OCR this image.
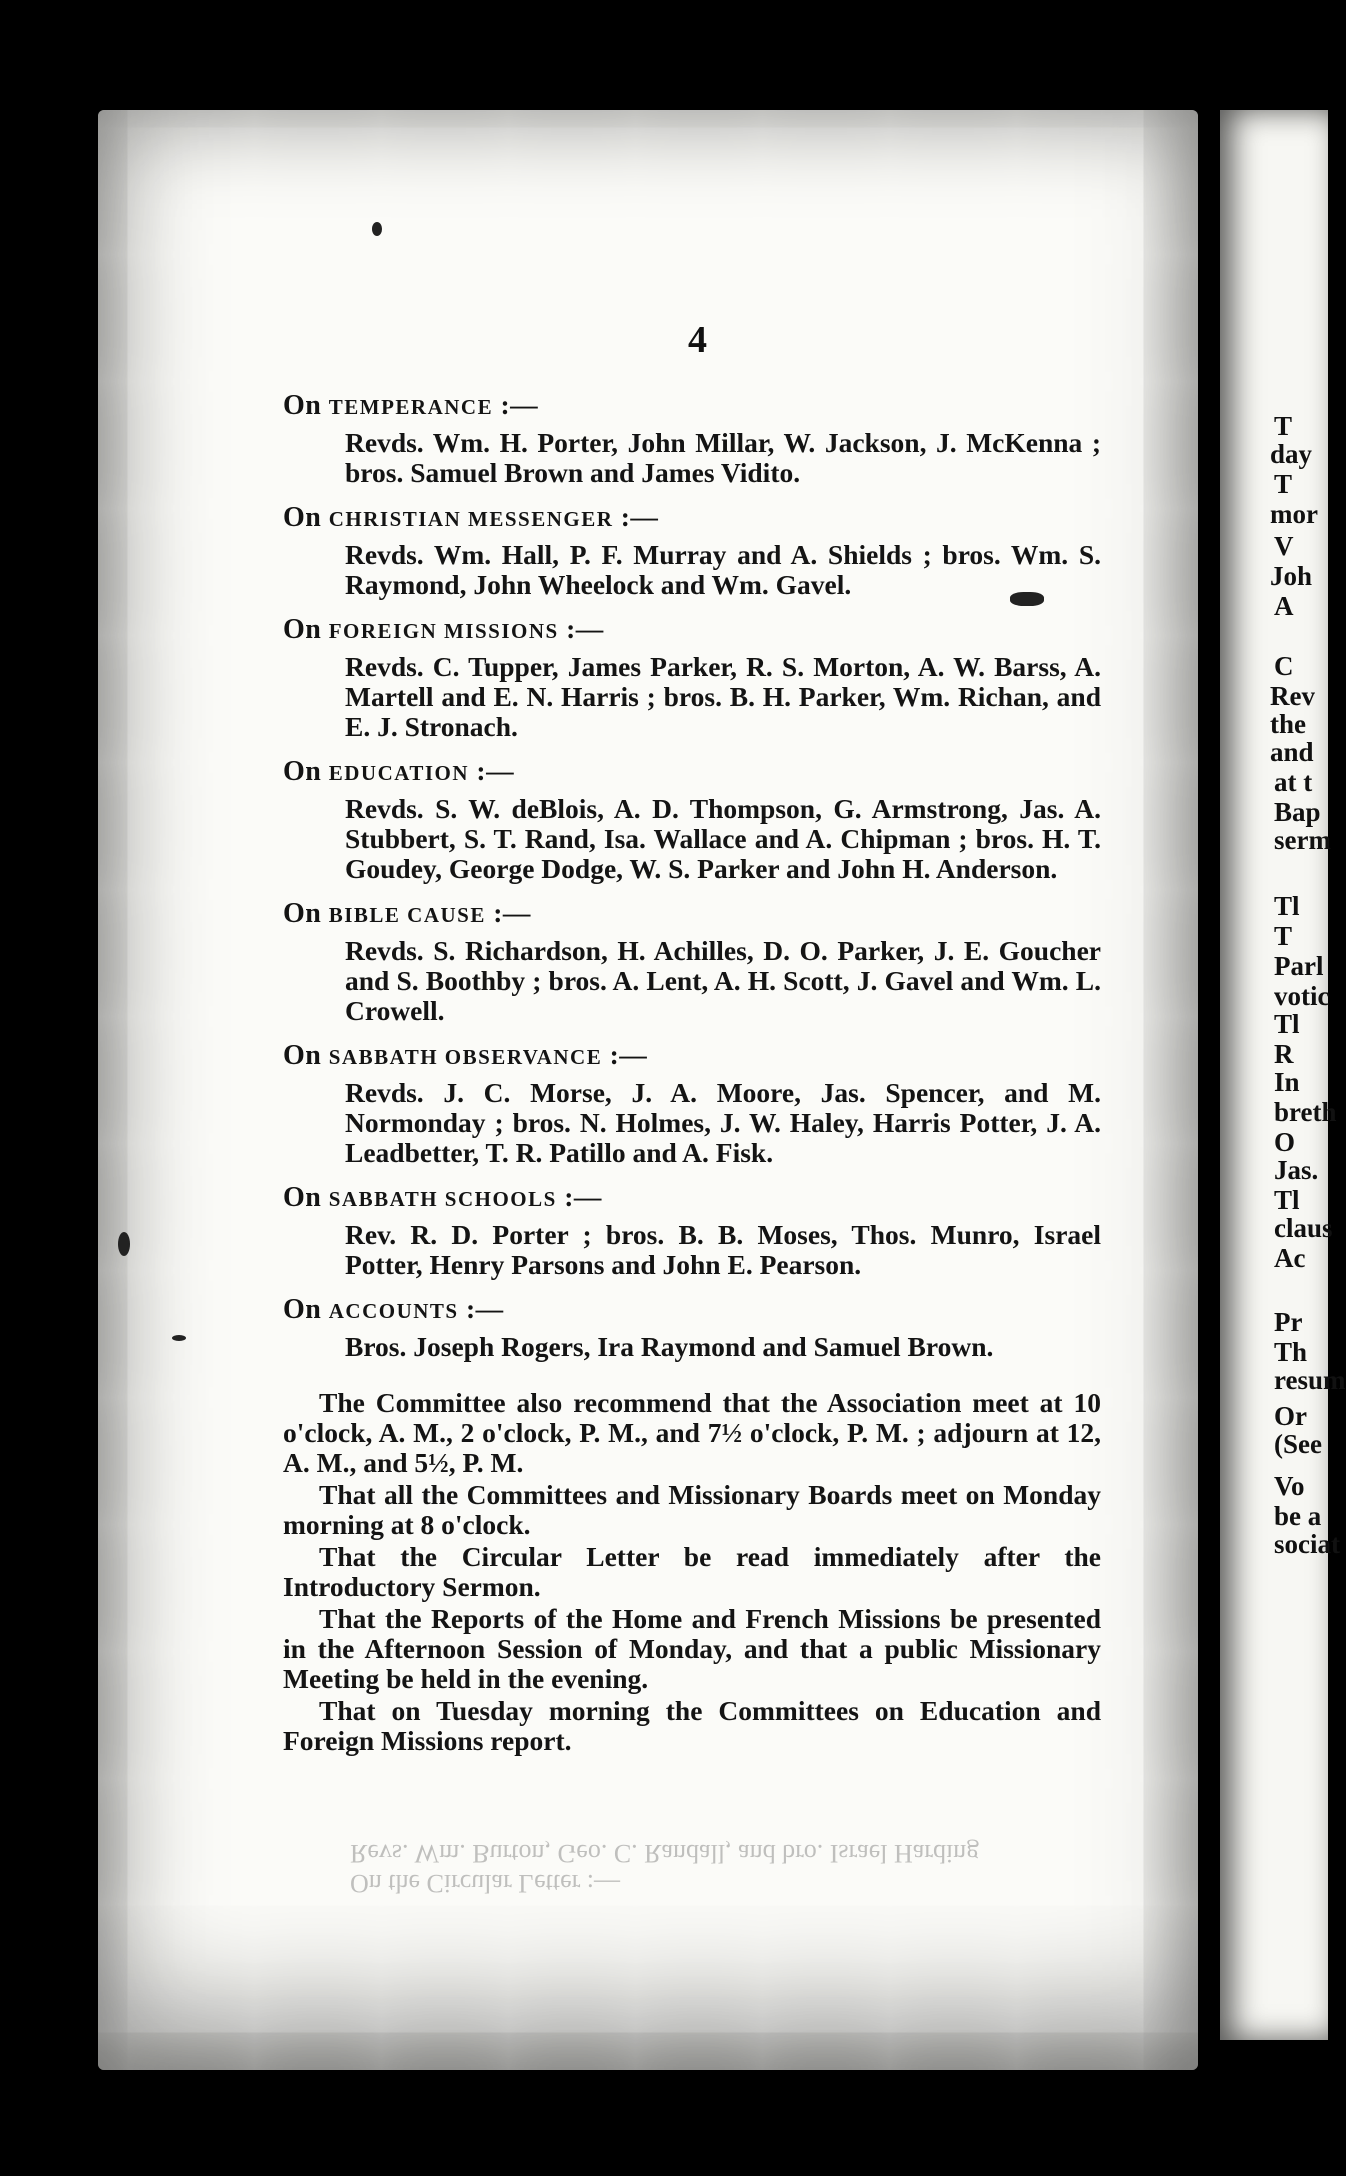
T
day
T
mor
V
Joh
A
C
Rev
the
and
at t
Bap
serm
Tl
T
Parl
votic
Tl
R
In
breth
O
Jas.
Tl
claus
Ac
Pr
Th
resum
Or
(See
Vo
be a
sociat
4
On TEMPERANCE :—
Revds. Wm. H. Porter, John Millar, W. Jackson, J. McKenna ; bros. Samuel Brown and James Vidito.
On CHRISTIAN MESSENGER :—
Revds. Wm. Hall, P. F. Murray and A. Shields ; bros. Wm. S. Raymond, John Wheelock and Wm. Gavel.
On FOREIGN MISSIONS :—
Revds. C. Tupper, James Parker, R. S. Morton, A. W. Barss, A. Martell and E. N. Harris ; bros. B. H. Parker, Wm. Richan, and E. J. Stronach.
On EDUCATION :—
Revds. S. W. deBlois, A. D. Thompson, G. Armstrong, Jas. A. Stubbert, S. T. Rand, Isa. Wallace and A. Chipman ; bros. H. T. Goudey, George Dodge, W. S. Parker and John H. Anderson.
On BIBLE CAUSE :—
Revds. S. Richardson, H. Achilles, D. O. Parker, J. E. Goucher and S. Boothby ; bros. A. Lent, A. H. Scott, J. Gavel and Wm. L. Crowell.
On SABBATH OBSERVANCE :—
Revds. J. C. Morse, J. A. Moore, Jas. Spencer, and M. Normonday ; bros. N. Holmes, J. W. Haley, Harris Potter, J. A. Leadbetter, T. R. Patillo and A. Fisk.
On SABBATH SCHOOLS :—
Rev. R. D. Porter ; bros. B. B. Moses, Thos. Munro, Israel Potter, Henry Parsons and John E. Pearson.
On ACCOUNTS :—
Bros. Joseph Rogers, Ira Raymond and Samuel Brown.
The Committee also recommend that the Association meet at 10 o'clock, A. M., 2 o'clock, P. M., and 7½ o'clock, P. M. ; adjourn at 12, A. M., and 5½, P. M.
That all the Committees and Missionary Boards meet on Monday morning at 8 o'clock.
That the Circular Letter be read immediately after the Introductory Sermon.
That the Reports of the Home and French Missions be presented in the Afternoon Session of Monday, and that a public Missionary Meeting be held in the evening.
That on Tuesday morning the Committees on Education and Foreign Missions report.
On the Circular Letter :—
Revs. Wm. Burton, Geo. C. Randall, and bro. Israel Harding
